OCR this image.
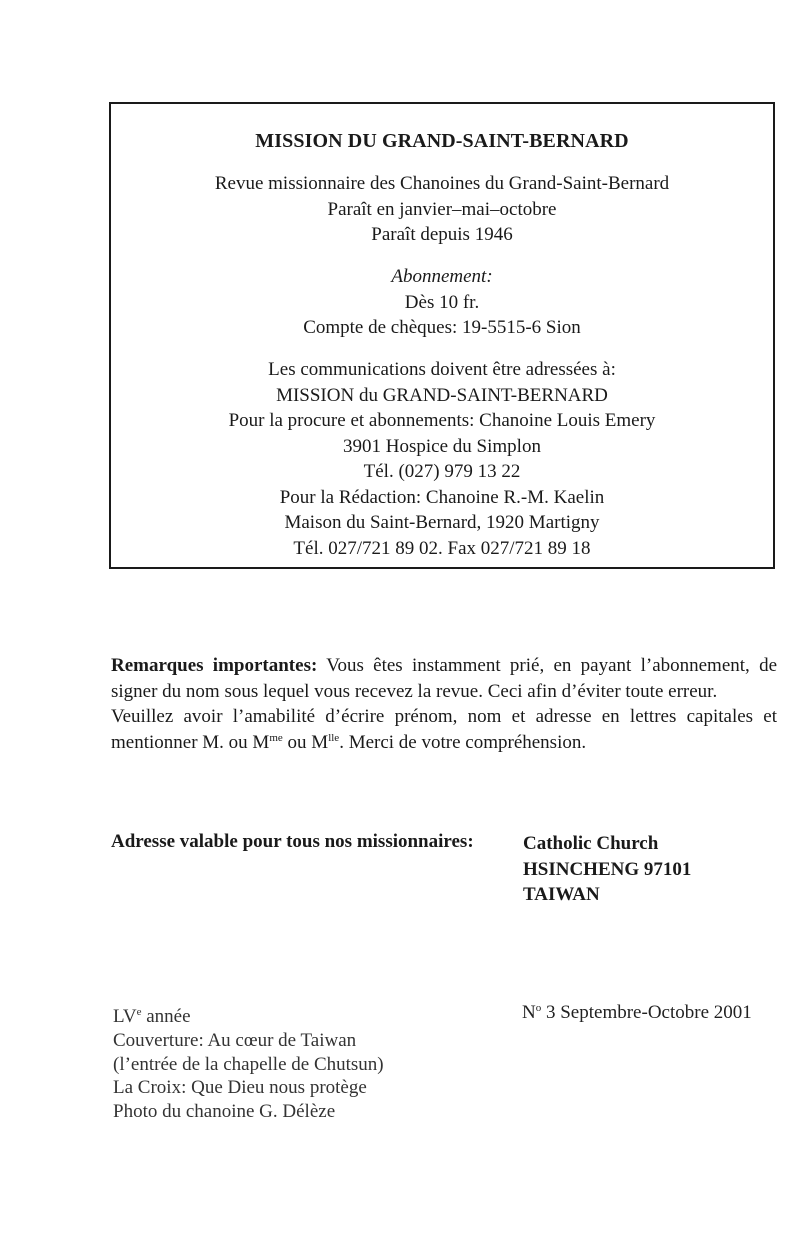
MISSION DU GRAND-SAINT-BERNARD
Revue missionnaire des Chanoines du Grand-Saint-Bernard
Paraît en janvier–mai–octobre
Paraît depuis 1946
Abonnement:
Dès 10 fr.
Compte de chèques: 19-5515-6 Sion
Les communications doivent être adressées à:
MISSION du GRAND-SAINT-BERNARD
Pour la procure et abonnements: Chanoine Louis Emery
3901 Hospice du Simplon
Tél. (027) 979 13 22
Pour la Rédaction: Chanoine R.-M. Kaelin
Maison du Saint-Bernard, 1920 Martigny
Tél. 027/721 89 02. Fax 027/721 89 18

Remarques importantes: Vous êtes instamment prié, en payant l’abonnement, de signer du nom sous lequel vous recevez la revue. Ceci afin d’éviter toute erreur.

Veuillez avoir l’amabilité d’écrire prénom, nom et adresse en lettres capitales et mentionner M. ou $M^{me}$ ou $M^{lle}$. Merci de votre compréhension.

Adresse valable pour tous nos missionnaires:	Catholic Church
HSINCHENG 97101
TAIWAN
LVe année
Couverture: Au cœur de Taiwan
(l’entrée de la chapelle de Chutsun)
La Croix: Que Dieu nous protège
Photo du chanoine G. Délèze
$N^o$ 3 Septembre-Octobre 2001
